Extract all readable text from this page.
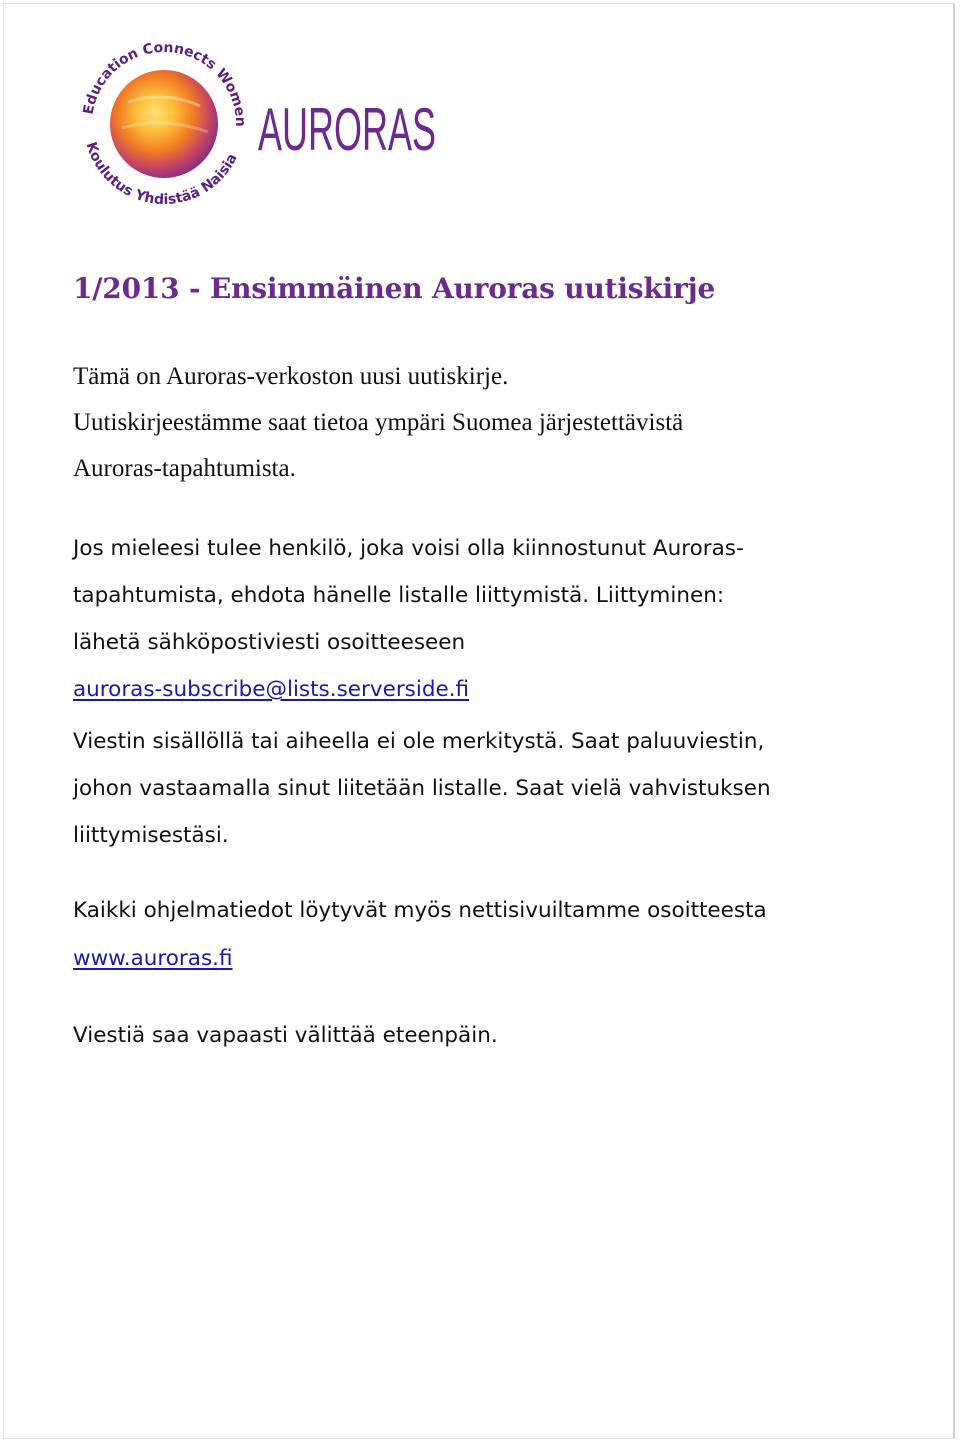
Education Connects Women
Koulutus Yhdistää Naisia AURORAS
1/2013 - Ensimmäinen Auroras uutiskirje

Tämä on Auroras-verkoston uusi uutiskirje.
Uutiskirjeestämme saat tietoa ympäri Suomea järjestettävistä
Auroras-tapahtumista.

Jos mieleesi tulee henkilö, joka voisi olla kiinnostunut Auroras-
tapahtumista, ehdota hänelle listalle liittymistä. Liittyminen:
lähetä sähköpostiviesti osoitteeseen
auroras-subscribe@lists.serverside.fi

Viestin sisällöllä tai aiheella ei ole merkitystä. Saat paluuviestin,
johon vastaamalla sinut liitetään listalle. Saat vielä vahvistuksen
liittymisestäsi.

Kaikki ohjelmatiedot löytyvät myös nettisivuiltamme osoitteesta
www.auroras.fi

Viestiä saa vapaasti välittää eteenpäin.
